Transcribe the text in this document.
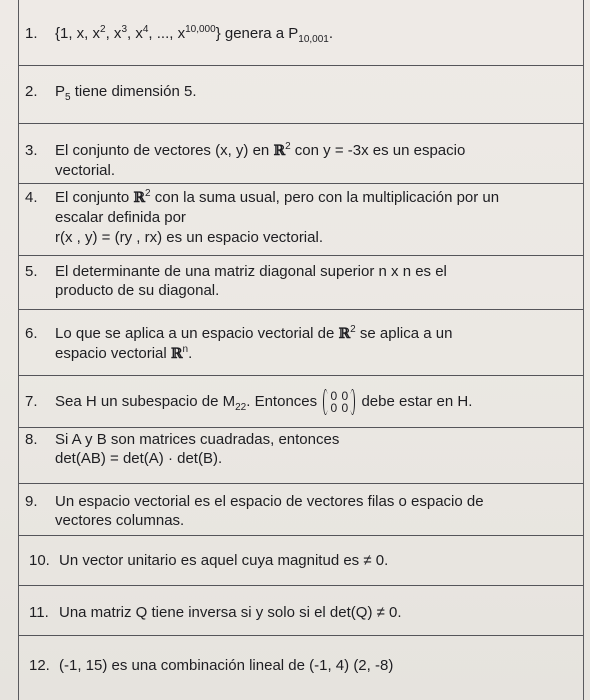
1. {1, x, $x^2$, $x^3$, $x^4$, ..., $x^{10,000}$} genera a $P_{10,001}$.
2. $P_5$ tiene dimensión 5.
3. El conjunto de vectores (x, y) en ℝ$^2$ con y = -3x es un espacio
vectorial.
4. El conjunto ℝ$^2$ con la suma usual, pero con la multiplicación por un
escalar definida por
r(x , y) = (ry , rx) es un espacio vectorial.
5. El determinante de una matriz diagonal superior n x n es el
producto de su diagonal.
6. Lo que se aplica a un espacio vectorial de ℝ$^2$ se aplica a un
espacio vectorial ℝ$^n$.
7. Sea H un subespacio de $M_{22}$. Entonces 0 0
0 0 debe estar en H.
8. Si A y B son matrices cuadradas, entonces
det(AB) = det(A) · det(B).
9. Un espacio vectorial es el espacio de vectores filas o espacio de
vectores columnas.
10. Un vector unitario es aquel cuya magnitud es ≠ 0.
11. Una matriz Q tiene inversa si y solo si el det(Q) ≠ 0.
12. (-1, 15) es una combinación lineal de (-1, 4) (2, -8)
